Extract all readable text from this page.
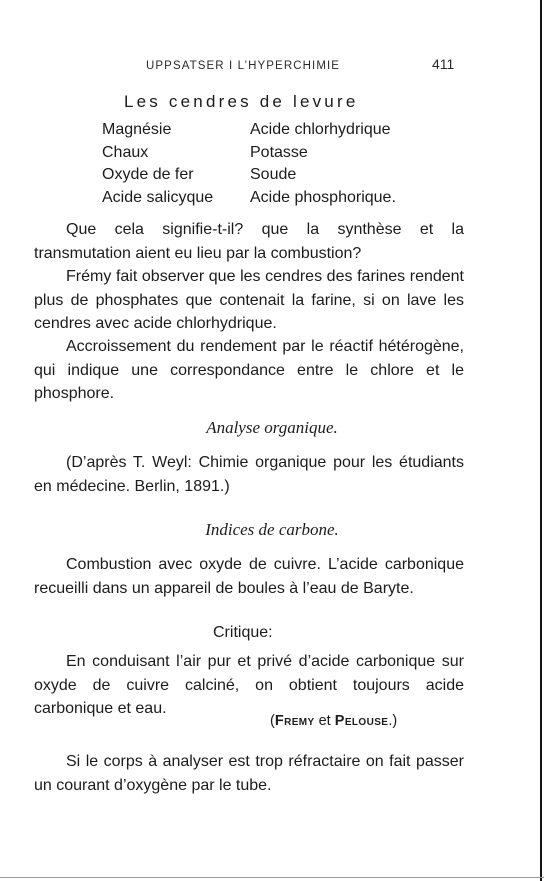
UPPSATSER I L’HYPERCHIMIE	411
Les cendres de levure
Magnésie	Acide chlorhydrique
Chaux	Potasse
Oxyde de fer	Soude
Acide salicyque	Acide phosphorique.

Que cela signifie-t-il? que la synthèse et la transmutation aient eu lieu par la combustion?

Frémy fait observer que les cendres des farines rendent plus de phosphates que contenait la farine, si on lave les cendres avec acide chlorhydrique.

Accroissement du rendement par le réactif hétérogène, qui indique une correspondance entre le chlore et le phosphore.

Analyse organique.

(D’après T. Weyl: Chimie organique pour les étudiants en médecine. Berlin, 1891.)

Indices de carbone.

Combustion avec oxyde de cuivre. L’acide carbonique recueilli dans un appareil de boules à l’eau de Baryte.

Critique:

En conduisant l’air pur et privé d’acide carbonique sur oxyde de cuivre calciné, on obtient toujours acide carbonique et eau.

(Fremy et Pelouse.)

Si le corps à analyser est trop réfractaire on fait passer un courant d’oxygène par le tube.
